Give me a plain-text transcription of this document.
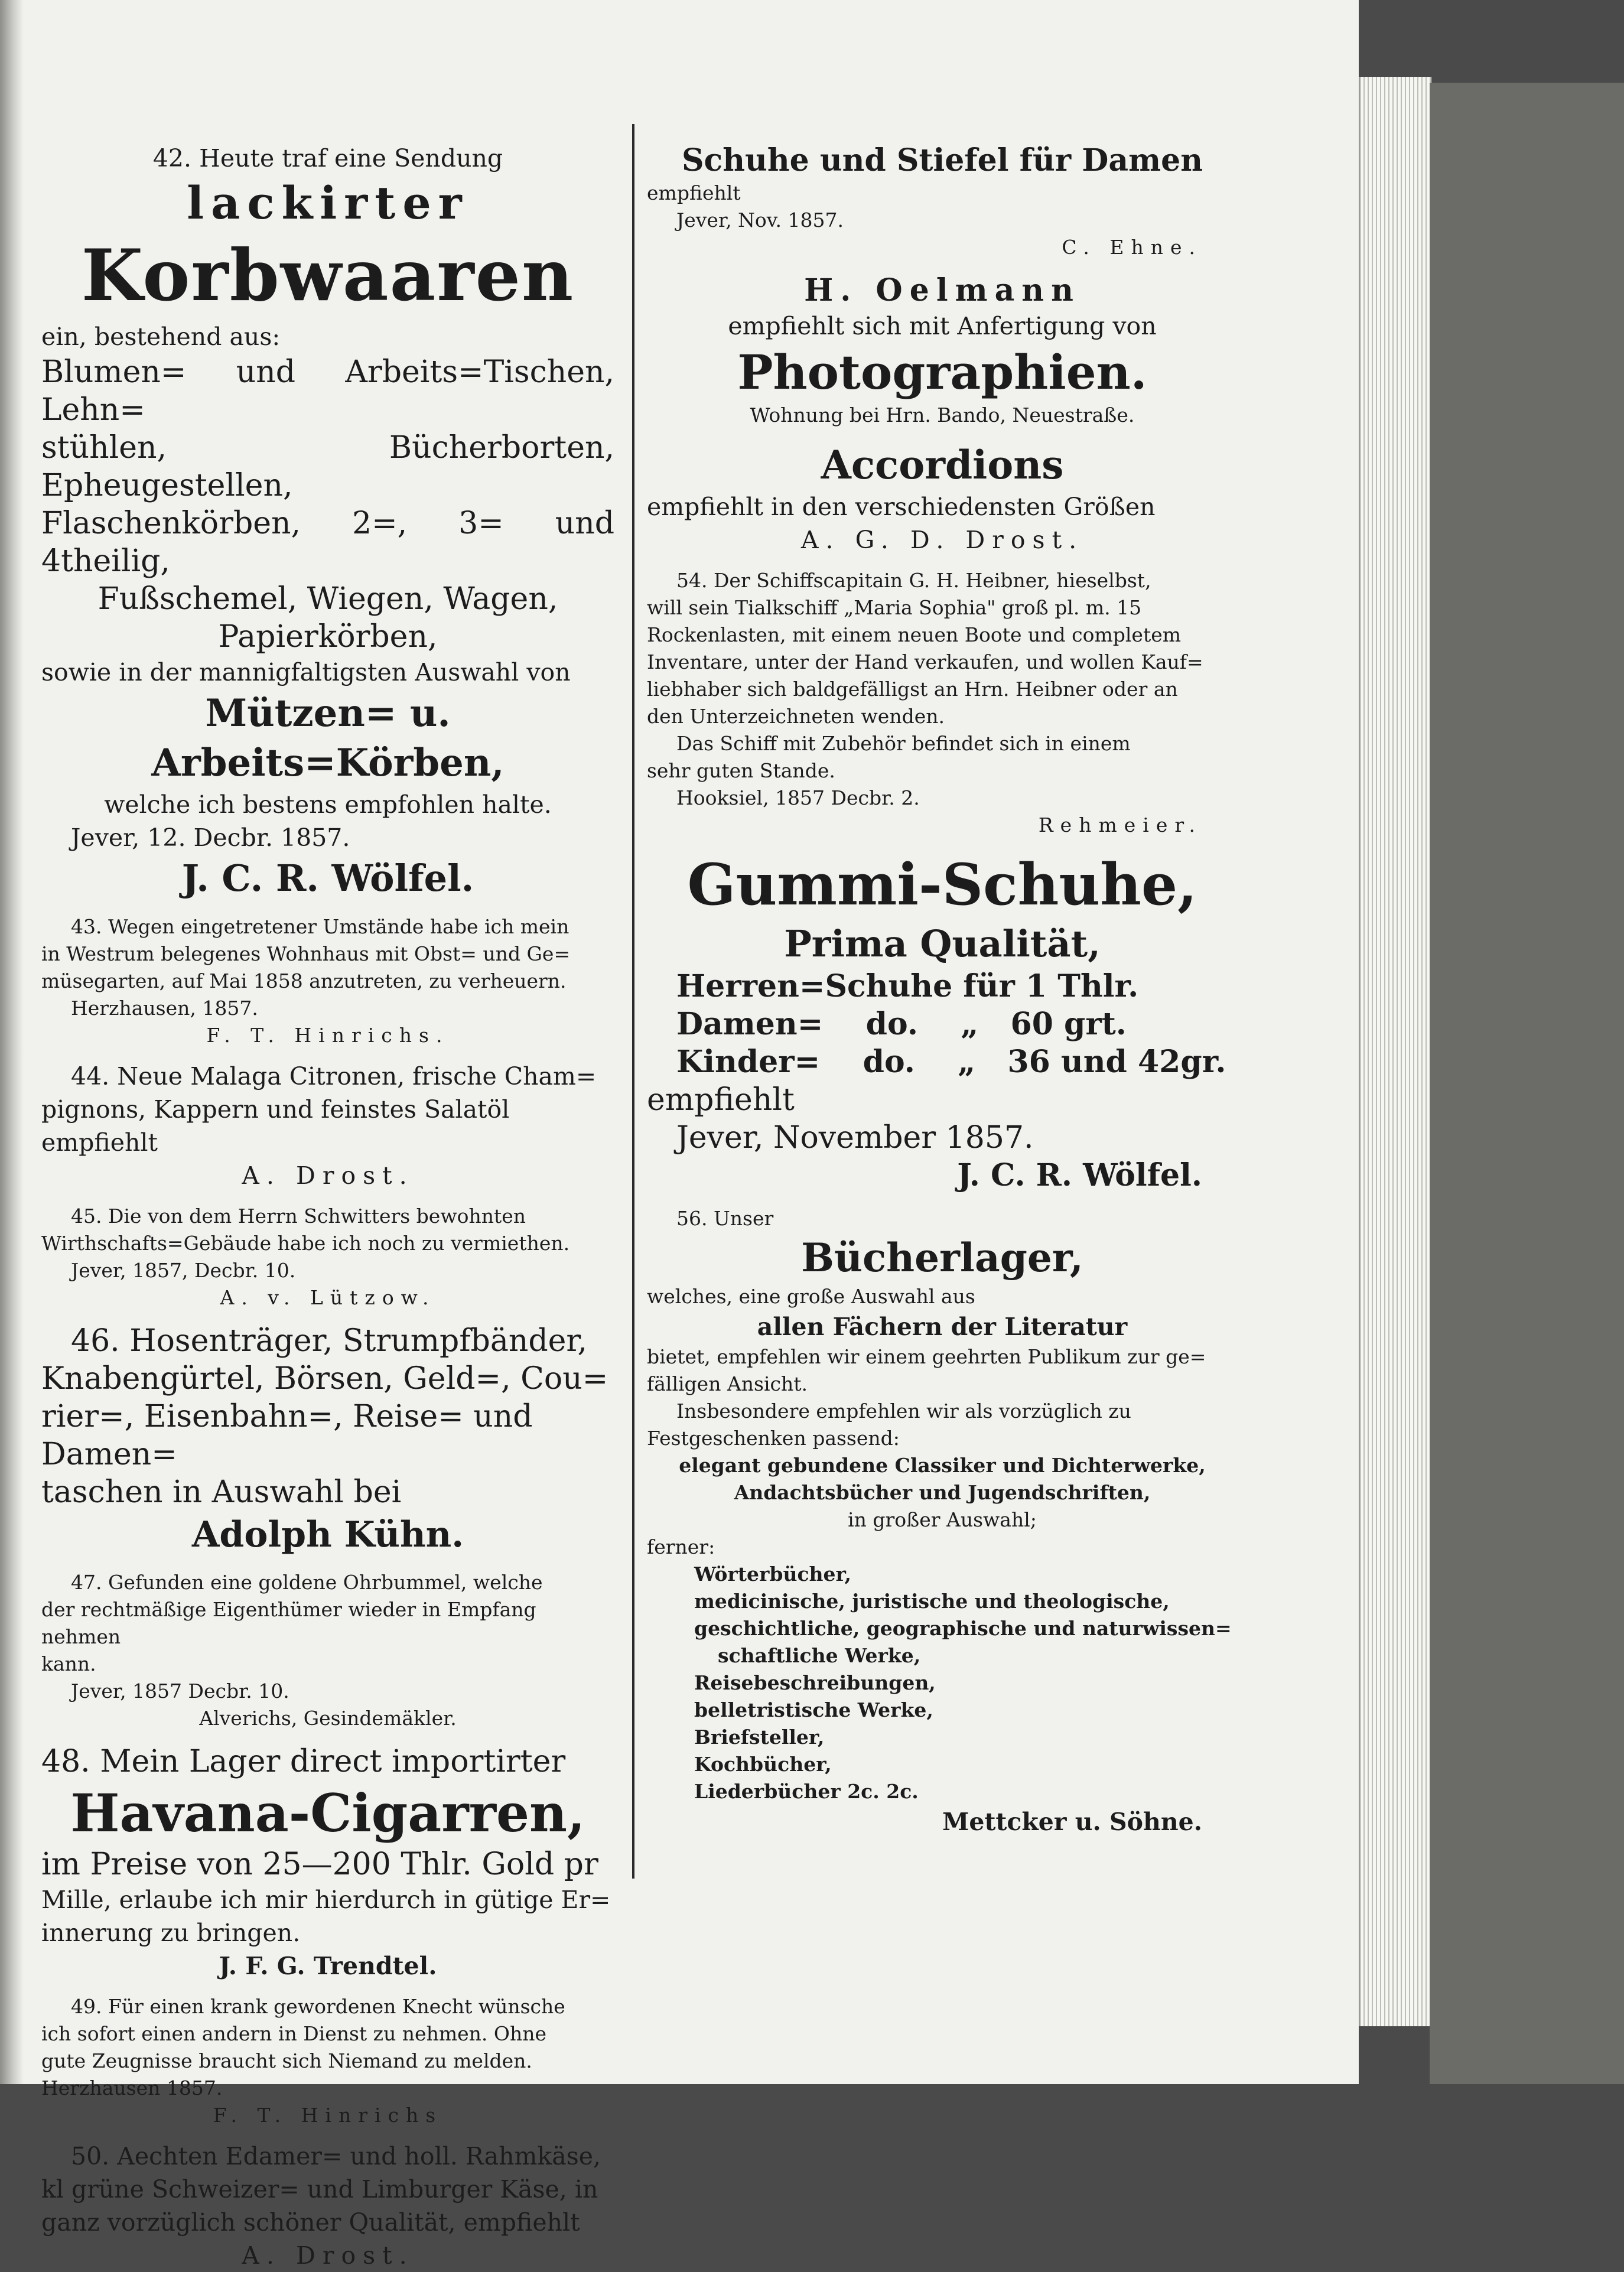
42. Heute traf eine Sendung

lackirter

Korbwaaren

ein, bestehend aus:

Blumen= und Arbeits=Tischen, Lehn=

stühlen, Bücherborten, Epheugestellen,

Flaschenkörben, 2=, 3= und 4theilig,

Fußschemel, Wiegen, Wagen,

Papierkörben,

sowie in der mannigfaltigsten Auswahl von

Mützen= u. Arbeits=Körben,

welche ich bestens empfohlen halte.

Jever, 12. Decbr. 1857.

J. C. R. Wölfel.

43. Wegen eingetretener Umstände habe ich mein

in Westrum belegenes Wohnhaus mit Obst= und Ge=

müsegarten, auf Mai 1858 anzutreten, zu verheuern.

Herzhausen, 1857.

F. T. Hinrichs.

44. Neue Malaga Citronen, frische Cham=

pignons, Kappern und feinstes Salatöl empfiehlt

A. Drost.

45. Die von dem Herrn Schwitters bewohnten

Wirthschafts=Gebäude habe ich noch zu vermiethen.

Jever, 1857, Decbr. 10.

A. v. Lützow.

46. Hosenträger, Strumpfbänder,

Knabengürtel, Börsen, Geld=, Cou=

rier=, Eisenbahn=, Reise= und Damen=

taschen in Auswahl bei

Adolph Kühn.

47. Gefunden eine goldene Ohrbummel, welche

der rechtmäßige Eigenthümer wieder in Empfang nehmen

kann.

Jever, 1857 Decbr. 10.

Alverichs, Gesindemäkler.

48. Mein Lager direct importirter

Havana-Cigarren,

im Preise von 25—200 Thlr. Gold pr

Mille, erlaube ich mir hierdurch in gütige Er=

innerung zu bringen.

J. F. G. Trendtel.

49. Für einen krank gewordenen Knecht wünsche

ich sofort einen andern in Dienst zu nehmen. Ohne

gute Zeugnisse braucht sich Niemand zu melden.

Herzhausen 1857.

F. T. Hinrichs

50. Aechten Edamer= und holl. Rahmkäse,

kl grüne Schweizer= und Limburger Käse, in

ganz vorzüglich schöner Qualität, empfiehlt

A. Drost.

Schuhe und Stiefel für Damen

empfiehlt

Jever, Nov. 1857.

C. Ehne.

H. Oelmann

empfiehlt sich mit Anfertigung von

Photographien.

Wohnung bei Hrn. Bando, Neuestraße.

Accordions

empfiehlt in den verschiedensten Größen

A. G. D. Drost.

54. Der Schiffscapitain G. H. Heibner, hieselbst,

will sein Tialkschiff „Maria Sophia" groß pl. m. 15

Rockenlasten, mit einem neuen Boote und completem

Inventare, unter der Hand verkaufen, und wollen Kauf=

liebhaber sich baldgefälligst an Hrn. Heibner oder an

den Unterzeichneten wenden.

Das Schiff mit Zubehör befindet sich in einem

sehr guten Stande.

Hooksiel, 1857 Decbr. 2.

Rehmeier.

Gummi-Schuhe,

Prima Qualität,

Herren=Schuhe für 1 Thlr.

Damen=    do.    „   60 grt.

Kinder=    do.    „   36 und 42gr.

empfiehlt

Jever, November 1857.

J. C. R. Wölfel.

56. Unser

Bücherlager,

welches, eine große Auswahl aus

allen Fächern der Literatur

bietet, empfehlen wir einem geehrten Publikum zur ge=

fälligen Ansicht.

Insbesondere empfehlen wir als vorzüglich zu

Festgeschenken passend:

elegant gebundene Classiker und Dichterwerke,

Andachtsbücher und Jugendschriften,

in großer Auswahl;

ferner:

Wörterbücher,

medicinische, juristische und theologische,

geschichtliche, geographische und naturwissen=

schaftliche Werke,

Reisebeschreibungen,

belletristische Werke,

Briefsteller,

Kochbücher,

Liederbücher 2c. 2c.

Mettcker u. Söhne.
